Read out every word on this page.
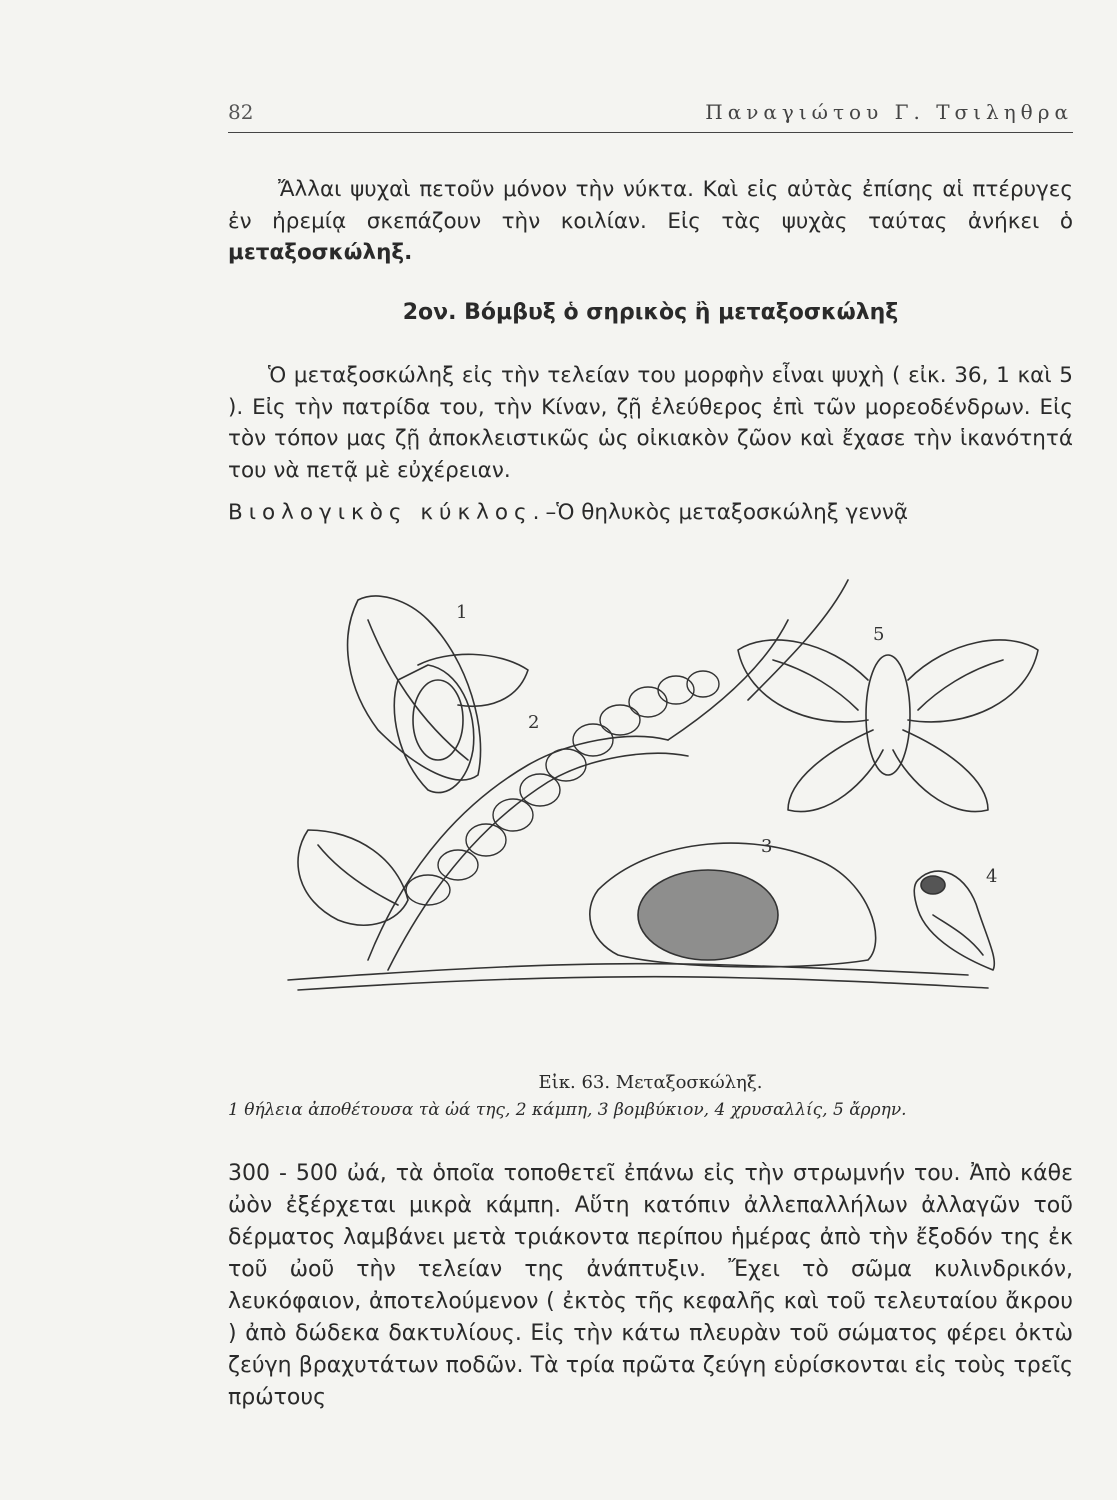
82	Παναγιώτου Γ. Τσιληθρα

Ἄλλαι ψυχαὶ πετοῦν μόνον τὴν νύκτα. Καὶ εἰς αὐτὰς ἐπίσης αἱ πτέρυγες ἐν ἠρεμίᾳ σκεπάζουν τὴν κοιλίαν. Εἰς τὰς ψυχὰς ταύτας ἀνήκει ὁ μεταξοσκώληξ.

2ον. Βόμβυξ ὁ σηρικὸς ἢ μεταξοσκώληξ

Ὁ μεταξοσκώληξ εἰς τὴν τελείαν του μορφὴν εἶναι ψυχὴ ( εἰκ. 36, 1 καὶ 5 ). Εἰς τὴν πατρίδα του, τὴν Κίναν, ζῇ ἐλεύθερος ἐπὶ τῶν μορεοδένδρων. Εἰς τὸν τόπον μας ζῇ ἀποκλειστικῶς ὡς οἰκιακὸν ζῶον καὶ ἔχασε τὴν ἱκανότητά του νὰ πετᾷ μὲ εὐχέρειαν.

Βιολογικὸς κύκλος.–Ὁ θηλυκὸς μεταξοσκώληξ γεννᾷ

1
2
3
4
5
Εἰκ. 63. Μεταξοσκώληξ.
1 θήλεια ἀποθέτουσα τὰ ὠά της, 2 κάμπη, 3 βομβύκιον, 4 χρυσαλλίς, 5 ἄρρην.

300 - 500 ὠά, τὰ ὁποῖα τοποθετεῖ ἐπάνω εἰς τὴν στρωμνήν του. Ἀπὸ κάθε ὠὸν ἐξέρχεται μικρὰ κάμπη. Αὕτη κατόπιν ἀλλεπαλλήλων ἀλλαγῶν τοῦ δέρματος λαμβάνει μετὰ τριάκοντα περίπου ἡμέρας ἀπὸ τὴν ἔξοδόν της ἐκ τοῦ ὠοῦ τὴν τελείαν της ἀνάπτυξιν. Ἔχει τὸ σῶμα κυλινδρικόν, λευκόφαιον, ἀποτελούμενον ( ἐκτὸς τῆς κεφαλῆς καὶ τοῦ τελευταίου ἄκρου ) ἀπὸ δώδεκα δακτυλίους. Εἰς τὴν κάτω πλευρὰν τοῦ σώματος φέρει ὀκτὼ ζεύγη βραχυτάτων ποδῶν. Τὰ τρία πρῶτα ζεύγη εὑρίσκονται εἰς τοὺς τρεῖς πρώτους
